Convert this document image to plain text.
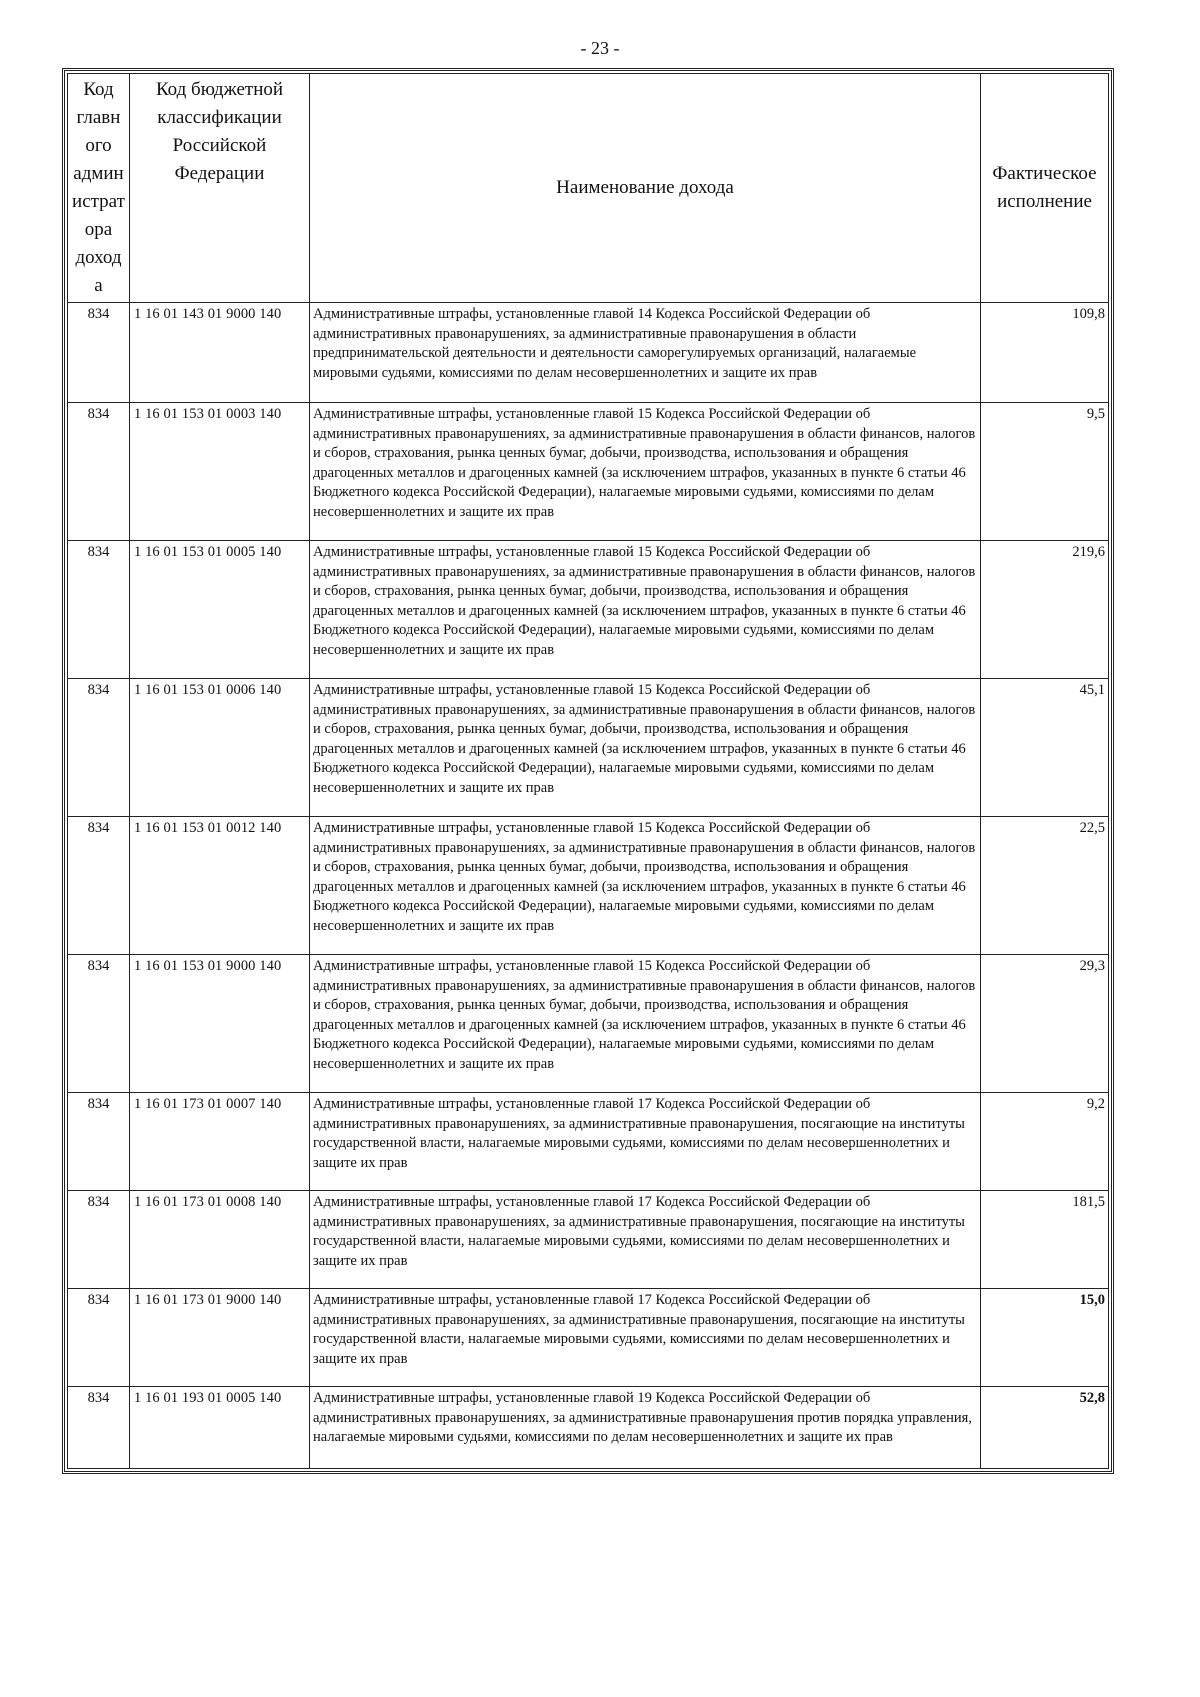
- 23 -
Код главн ого админ истрат ора доход а	Код бюджетной классификации Российской Федерации	Наименование дохода	Фактическое исполнение
834	1 16 01 143 01 9000 140	Административные штрафы, установленные главой 14 Кодекса Российской Федерации об административных правонарушениях, за административные правонарушения в области предпринимательской деятельности и деятельности саморегулируемых организаций, налагаемые мировыми судьями, комиссиями по делам несовершеннолетних и защите их прав	109,8
834	1 16 01 153 01 0003 140	Административные штрафы, установленные главой 15 Кодекса Российской Федерации об административных правонарушениях, за административные правонарушения в области финансов, налогов и сборов, страхования, рынка ценных бумаг, добычи, производства, использования и обращения драгоценных металлов и драгоценных камней (за исключением штрафов, указанных в пункте 6 статьи 46 Бюджетного кодекса Российской Федерации), налагаемые мировыми судьями, комиссиями по делам несовершеннолетних и защите их прав	9,5
834	1 16 01 153 01 0005 140	Административные штрафы, установленные главой 15 Кодекса Российской Федерации об административных правонарушениях, за административные правонарушения в области финансов, налогов и сборов, страхования, рынка ценных бумаг, добычи, производства, использования и обращения драгоценных металлов и драгоценных камней (за исключением штрафов, указанных в пункте 6 статьи 46 Бюджетного кодекса Российской Федерации), налагаемые мировыми судьями, комиссиями по делам несовершеннолетних и защите их прав	219,6
834	1 16 01 153 01 0006 140	Административные штрафы, установленные главой 15 Кодекса Российской Федерации об административных правонарушениях, за административные правонарушения в области финансов, налогов и сборов, страхования, рынка ценных бумаг, добычи, производства, использования и обращения драгоценных металлов и драгоценных камней (за исключением штрафов, указанных в пункте 6 статьи 46 Бюджетного кодекса Российской Федерации), налагаемые мировыми судьями, комиссиями по делам несовершеннолетних и защите их прав	45,1
834	1 16 01 153 01 0012 140	Административные штрафы, установленные главой 15 Кодекса Российской Федерации об административных правонарушениях, за административные правонарушения в области финансов, налогов и сборов, страхования, рынка ценных бумаг, добычи, производства, использования и обращения драгоценных металлов и драгоценных камней (за исключением штрафов, указанных в пункте 6 статьи 46 Бюджетного кодекса Российской Федерации), налагаемые мировыми судьями, комиссиями по делам несовершеннолетних и защите их прав	22,5
834	1 16 01 153 01 9000 140	Административные штрафы, установленные главой 15 Кодекса Российской Федерации об административных правонарушениях, за административные правонарушения в области финансов, налогов и сборов, страхования, рынка ценных бумаг, добычи, производства, использования и обращения драгоценных металлов и драгоценных камней (за исключением штрафов, указанных в пункте 6 статьи 46 Бюджетного кодекса Российской Федерации), налагаемые мировыми судьями, комиссиями по делам несовершеннолетних и защите их прав	29,3
834	1 16 01 173 01 0007 140	Административные штрафы, установленные главой 17 Кодекса Российской Федерации об административных правонарушениях, за административные правонарушения, посягающие на институты государственной власти, налагаемые мировыми судьями, комиссиями по делам несовершеннолетних и защите их прав	9,2
834	1 16 01 173 01 0008 140	Административные штрафы, установленные главой 17 Кодекса Российской Федерации об административных правонарушениях, за административные правонарушения, посягающие на институты государственной власти, налагаемые мировыми судьями, комиссиями по делам несовершеннолетних и защите их прав	181,5
834	1 16 01 173 01 9000 140	Административные штрафы, установленные главой 17 Кодекса Российской Федерации об административных правонарушениях, за административные правонарушения, посягающие на институты государственной власти, налагаемые мировыми судьями, комиссиями по делам несовершеннолетних и защите их прав	15,0
834	1 16 01 193 01 0005 140	Административные штрафы, установленные главой 19 Кодекса Российской Федерации об административных правонарушениях, за административные правонарушения против порядка управления, налагаемые мировыми судьями, комиссиями по делам несовершеннолетних и защите их прав	52,8
